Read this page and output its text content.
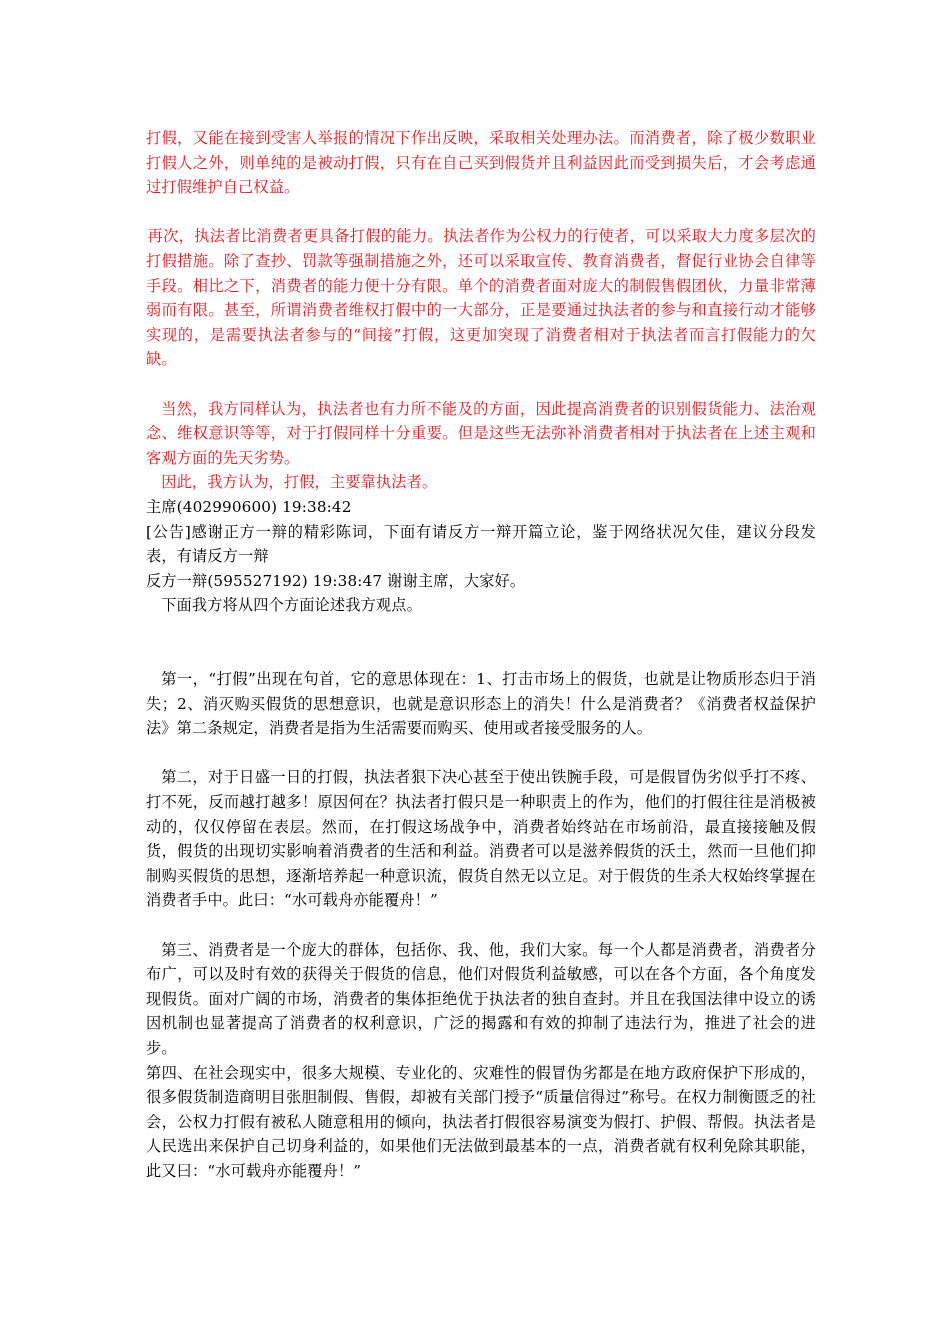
打假，又能在接到受害人举报的情况下作出反映，采取相关处理办法。而消费者，除了极少数职业打假人之外，则单纯的是被动打假，只有在自己买到假货并且利益因此而受到损失后，才会考虑通过打假维护自己权益。

再次，执法者比消费者更具备打假的能力。执法者作为公权力的行使者，可以采取大力度多层次的打假措施。除了查抄、罚款等强制措施之外，还可以采取宣传、教育消费者，督促行业协会自律等手段。相比之下，消费者的能力便十分有限。单个的消费者面对庞大的制假售假团伙，力量非常薄弱而有限。甚至，所谓消费者维权打假中的一大部分，正是要通过执法者的参与和直接行动才能够实现的，是需要执法者参与的“间接”打假，这更加突现了消费者相对于执法者而言打假能力的欠缺。

当然，我方同样认为，执法者也有力所不能及的方面，因此提高消费者的识别假货能力、法治观念、维权意识等等，对于打假同样十分重要。但是这些无法弥补消费者相对于执法者在上述主观和客观方面的先天劣势。

因此，我方认为，打假，主要靠执法者。

主席(402990600) 19:38:42

[公告]感谢正方一辩的精彩陈词，下面有请反方一辩开篇立论，鉴于网络状况欠佳，建议分段发表，有请反方一辩

反方一辩(595527192) 19:38:47 谢谢主席，大家好。

下面我方将从四个方面论述我方观点。

第一，“打假”出现在句首，它的意思体现在：1、打击市场上的假货，也就是让物质形态归于消失；2、消灭购买假货的思想意识，也就是意识形态上的消失！什么是消费者？《消费者权益保护法》第二条规定，消费者是指为生活需要而购买、使用或者接受服务的人。

第二，对于日盛一日的打假，执法者狠下决心甚至于使出铁腕手段，可是假冒伪劣似乎打不疼、打不死，反而越打越多！原因何在？执法者打假只是一种职责上的作为，他们的打假往往是消极被动的，仅仅停留在表层。然而，在打假这场战争中，消费者始终站在市场前沿，最直接接触及假货，假货的出现切实影响着消费者的生活和利益。消费者可以是滋养假货的沃土，然而一旦他们抑制购买假货的思想，逐渐培养起一种意识流，假货自然无以立足。对于假货的生杀大权始终掌握在消费者手中。此曰：“水可载舟亦能覆舟！”

第三、消费者是一个庞大的群体，包括你、我、他，我们大家。每一个人都是消费者，消费者分布广，可以及时有效的获得关于假货的信息，他们对假货利益敏感，可以在各个方面，各个角度发现假货。面对广阔的市场，消费者的集体拒绝优于执法者的独自查封。并且在我国法律中设立的诱因机制也显著提高了消费者的权利意识，广泛的揭露和有效的抑制了违法行为，推进了社会的进步。

第四、在社会现实中，很多大规模、专业化的、灾难性的假冒伪劣都是在地方政府保护下形成的，很多假货制造商明目张胆制假、售假，却被有关部门授予“质量信得过”称号。在权力制衡匮乏的社会，公权力打假有被私人随意租用的倾向，执法者打假很容易演变为假打、护假、帮假。执法者是人民选出来保护自己切身利益的，如果他们无法做到最基本的一点，消费者就有权利免除其职能，此又曰：“水可载舟亦能覆舟！”
